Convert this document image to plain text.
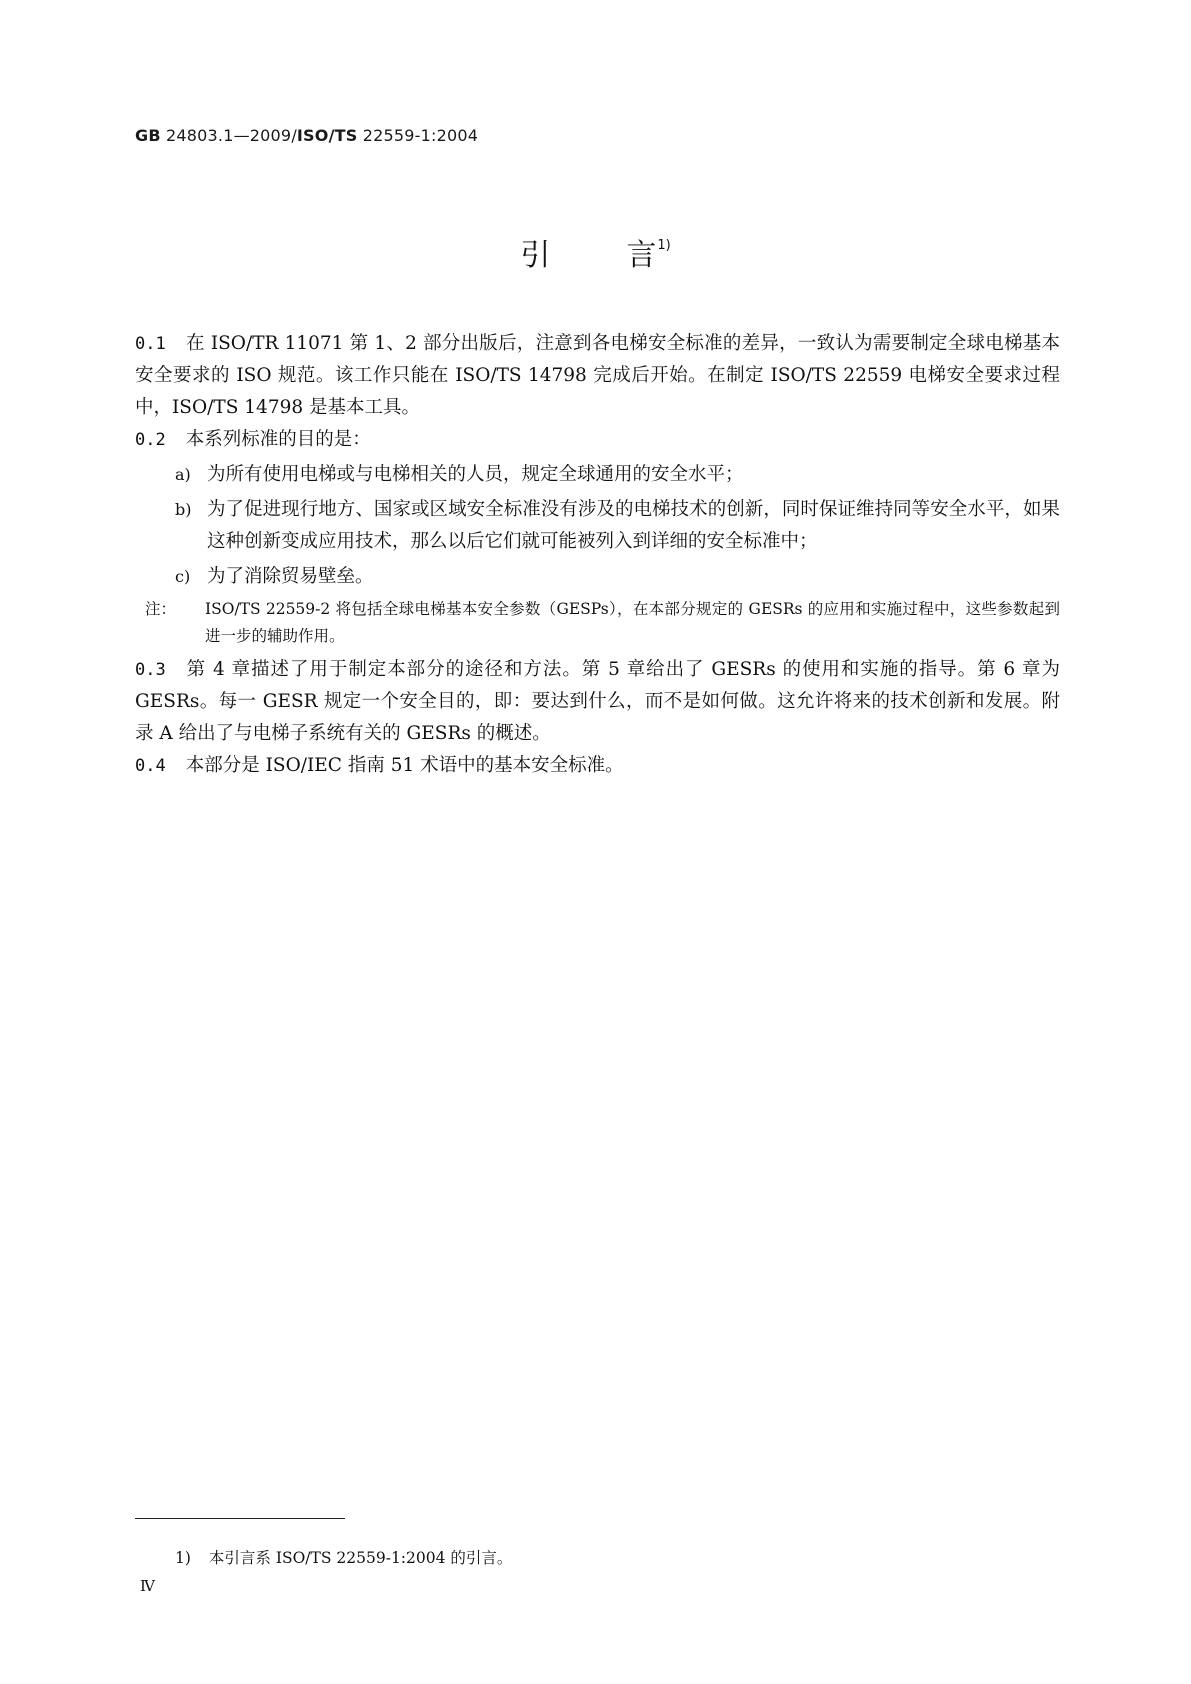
GB 24803.1—2009/ISO/TS 22559-1:2004
引	言$^{1)}$

0.1 在 ISO/TR 11071 第 1、2 部分出版后，注意到各电梯安全标准的差异，一致认为需要制定全球电梯基本安全要求的 ISO 规范。该工作只能在 ISO/TS 14798 完成后开始。在制定 ISO/TS 22559 电梯安全要求过程中，ISO/TS 14798 是基本工具。

0.2 本系列标准的目的是：

a) 为所有使用电梯或与电梯相关的人员，规定全球通用的安全水平；
b) 为了促进现行地方、国家或区域安全标准没有涉及的电梯技术的创新，同时保证维持同等安全水平，如果这种创新变成应用技术，那么以后它们就可能被列入到详细的安全标准中；
c) 为了消除贸易壁垒。
注： ISO/TS 22559-2 将包括全球电梯基本安全参数（GESPs），在本部分规定的 GESRs 的应用和实施过程中，这些参数起到进一步的辅助作用。

0.3 第 4 章描述了用于制定本部分的途径和方法。第 5 章给出了 GESRs 的使用和实施的指导。第 6 章为 GESRs。每一 GESR 规定一个安全目的，即：要达到什么，而不是如何做。这允许将来的技术创新和发展。附录 A 给出了与电梯子系统有关的 GESRs 的概述。

0.4 本部分是 ISO/IEC 指南 51 术语中的基本安全标准。

1) 本引言系 ISO/TS 22559-1:2004 的引言。
Ⅳ
